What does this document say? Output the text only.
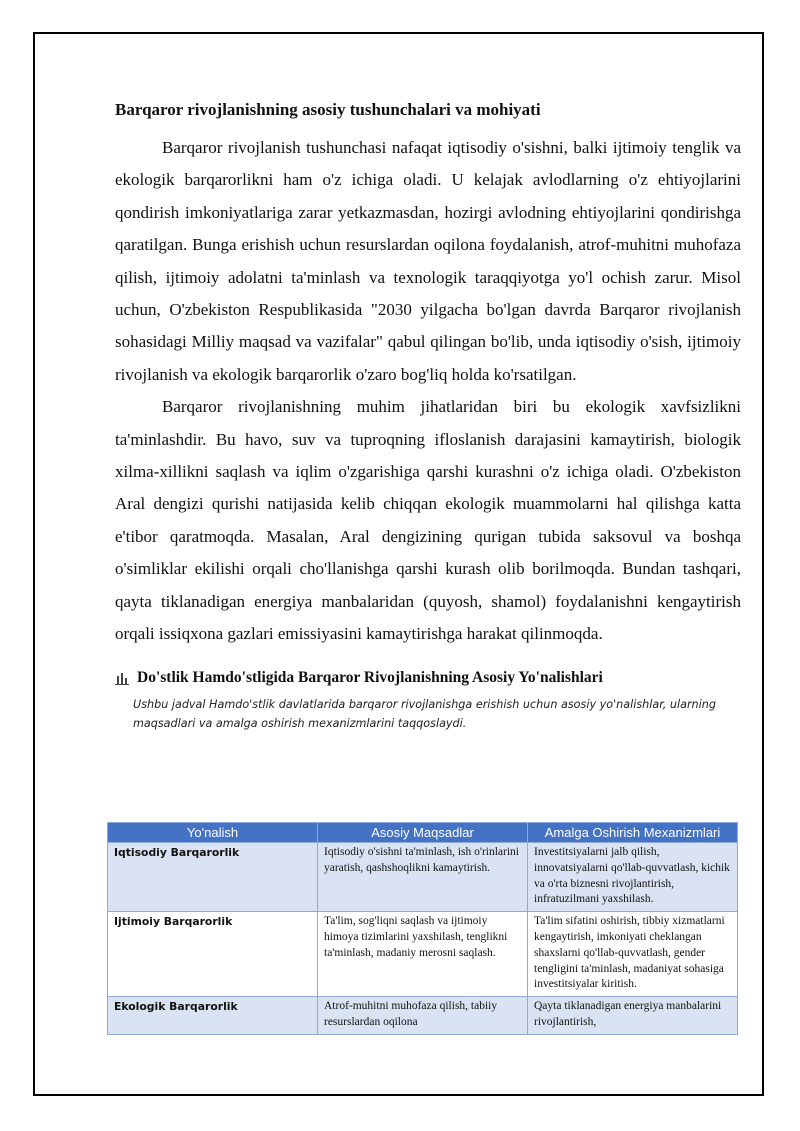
Barqaror rivojlanishning asosiy tushunchalari va mohiyati

Barqaror rivojlanish tushunchasi nafaqat iqtisodiy o'sishni, balki ijtimoiy tenglik va ekologik barqarorlikni ham o'z ichiga oladi. U kelajak avlodlarning o'z ehtiyojlarini qondirish imkoniyatlariga zarar yetkazmasdan, hozirgi avlodning ehtiyojlarini qondirishga qaratilgan. Bunga erishish uchun resurslardan oqilona foydalanish, atrof-muhitni muhofaza qilish, ijtimoiy adolatni ta'minlash va texnologik taraqqiyotga yo'l ochish zarur. Misol uchun, O'zbekiston Respublikasida "2030 yilgacha bo'lgan davrda Barqaror rivojlanish sohasidagi Milliy maqsad va vazifalar" qabul qilingan bo'lib, unda iqtisodiy o'sish, ijtimoiy rivojlanish va ekologik barqarorlik o'zaro bog'liq holda ko'rsatilgan.

Barqaror rivojlanishning muhim jihatlaridan biri bu ekologik xavfsizlikni ta'minlashdir. Bu havo, suv va tuproqning ifloslanish darajasini kamaytirish, biologik xilma-xillikni saqlash va iqlim o'zgarishiga qarshi kurashni o'z ichiga oladi. O'zbekiston Aral dengizi qurishi natijasida kelib chiqqan ekologik muammolarni hal qilishga katta e'tibor qaratmoqda. Masalan, Aral dengizining qurigan tubida saksovul va boshqa o'simliklar ekilishi orqali cho'llanishga qarshi kurash olib borilmoqda. Bundan tashqari, qayta tiklanadigan energiya manbalaridan (quyosh, shamol) foydalanishni kengaytirish orqali issiqxona gazlari emissiyasini kamaytirishga harakat qilinmoqda.

Do'stlik Hamdo'stligida Barqaror Rivojlanishning Asosiy Yo'nalishlari
Ushbu jadval Hamdo'stlik davlatlarida barqaror rivojlanishga erishish uchun asosiy yo'nalishlar, ularning maqsadlari va amalga oshirish mexanizmlarini taqqoslaydi.
Yo'nalish	Asosiy Maqsadlar	Amalga Oshirish Mexanizmlari
Iqtisodiy Barqarorlik	Iqtisodiy o'sishni ta'minlash, ish o'rinlarini yaratish, qashshoqlikni kamaytirish.	Investitsiyalarni jalb qilish, innovatsiyalarni qo'llab-quvvatlash, kichik va o'rta biznesni rivojlantirish, infratuzilmani yaxshilash.
Ijtimoiy Barqarorlik	Ta'lim, sog'liqni saqlash va ijtimoiy himoya tizimlarini yaxshilash, tenglikni ta'minlash, madaniy merosni saqlash.	Ta'lim sifatini oshirish, tibbiy xizmatlarni kengaytirish, imkoniyati cheklangan shaxslarni qo'llab-quvvatlash, gender tengligini ta'minlash, madaniyat sohasiga investitsiyalar kiritish.
Ekologik Barqarorlik	Atrof-muhitni muhofaza qilish, tabiiy resurslardan oqilona	Qayta tiklanadigan energiya manbalarini rivojlantirish,
